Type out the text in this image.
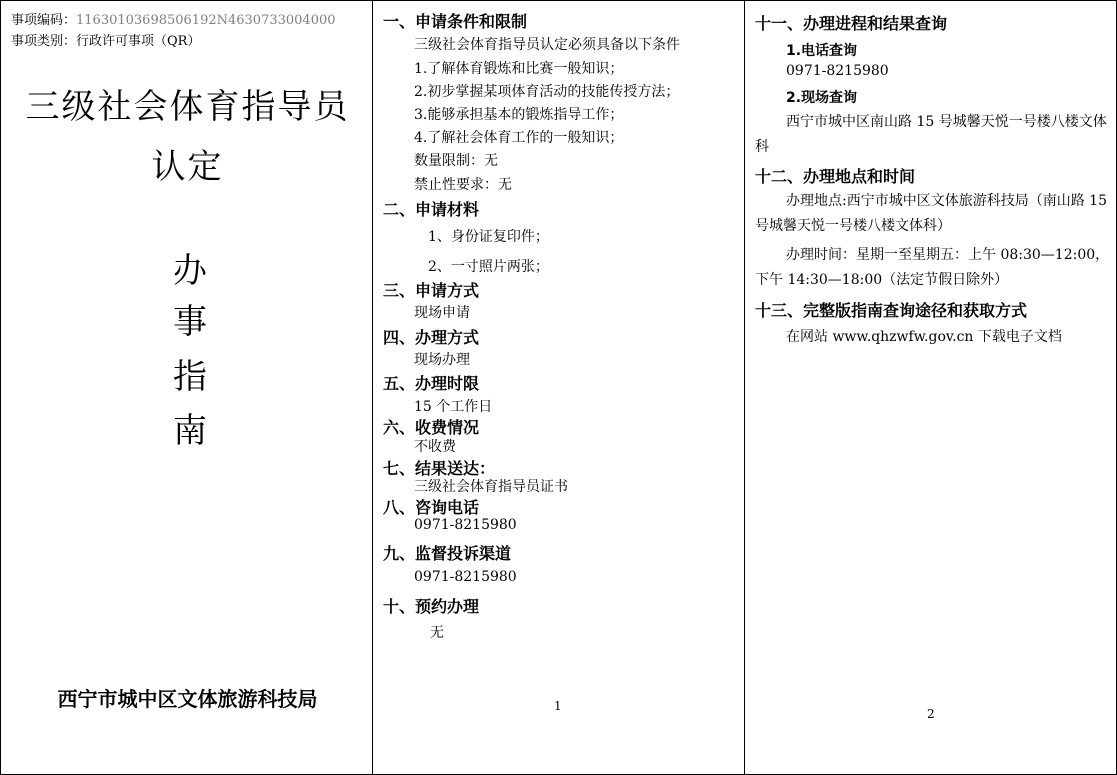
事项编码：11630103698506192N4630733004000
事项类别：行政许可事项（QR）
三级社会体育指导员
认定
办
事
指
南
西宁市城中区文体旅游科技局
一、申请条件和限制
三级社会体育指导员认定必须具备以下条件
1.了解体育锻炼和比赛一般知识；
2.初步掌握某项体育活动的技能传授方法；
3.能够承担基本的锻炼指导工作；
4.了解社会体育工作的一般知识；
数量限制：无
禁止性要求：无
二、申请材料
1、身份证复印件；
2、一寸照片两张；
三、申请方式
现场申请
四、办理方式
现场办理
五、办理时限
15 个工作日
六、收费情况
不收费
七、结果送达：
三级社会体育指导员证书
八、咨询电话
0971-8215980
九、监督投诉渠道
0971-8215980
十、预约办理
无
1
十一、办理进程和结果查询
1.电话查询
0971-8215980
2.现场查询
西宁市城中区南山路 15 号城馨天悦一号楼八楼文体科
十二、办理地点和时间
办理地点:西宁市城中区文体旅游科技局（南山路 15 号城馨天悦一号楼八楼文体科）
办理时间：星期一至星期五：上午 08:30—12:00，下午 14:30—18:00（法定节假日除外）
十三、完整版指南查询途径和获取方式
在网站 www.qhzwfw.gov.cn 下载电子文档
2
